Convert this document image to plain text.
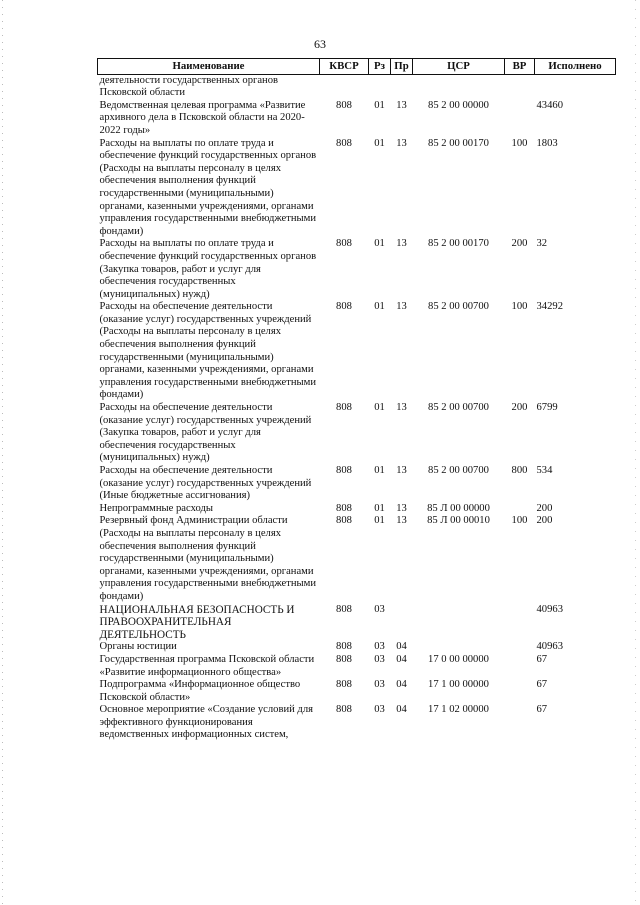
63
Наименование	КВСР	Рз	Пр	ЦСР	ВР	Исполнено
деятельности государственных органов Псковской области						
Ведомственная целевая программа «Развитие архивного дела в Псковской области на 2020-2022 годы»	808	01	13	85 2 00 00000		43460
Расходы на выплаты по оплате труда и обеспечение функций государственных органов (Расходы на выплаты персоналу в целях обеспечения выполнения функций государственными (муниципальными) органами, казенными учреждениями, органами управления государственными внебюджетными фондами)	808	01	13	85 2 00 00170	100	1803
Расходы на выплаты по оплате труда и обеспечение функций государственных органов (Закупка товаров, работ и услуг для обеспечения государственных (муниципальных) нужд)	808	01	13	85 2 00 00170	200	32
Расходы на обеспечение деятельности (оказание услуг) государственных учреждений (Расходы на выплаты персоналу в целях обеспечения выполнения функций государственными (муниципальными) органами, казенными учреждениями, органами управления государственными внебюджетными фондами)	808	01	13	85 2 00 00700	100	34292
Расходы на обеспечение деятельности (оказание услуг) государственных учреждений (Закупка товаров, работ и услуг для обеспечения государственных (муниципальных) нужд)	808	01	13	85 2 00 00700	200	6799
Расходы на обеспечение деятельности (оказание услуг) государственных учреждений (Иные бюджетные ассигнования)	808	01	13	85 2 00 00700	800	534
Непрограммные расходы	808	01	13	85 Л 00 00000		200
Резервный фонд Администрации области (Расходы на выплаты персоналу в целях обеспечения выполнения функций государственными (муниципальными) органами, казенными учреждениями, органами управления государственными внебюджетными фондами)	808	01	13	85 Л 00 00010	100	200
НАЦИОНАЛЬНАЯ БЕЗОПАСНОСТЬ И ПРАВООХРАНИТЕЛЬНАЯ ДЕЯТЕЛЬНОСТЬ	808	03				40963
Органы юстиции	808	03	04			40963
Государственная программа Псковской области «Развитие информационного общества»	808	03	04	17 0 00 00000		67
Подпрограмма «Информационное общество Псковской области»	808	03	04	17 1 00 00000		67
Основное мероприятие «Создание условий для эффективного функционирования ведомственных информационных систем,	808	03	04	17 1 02 00000		67
